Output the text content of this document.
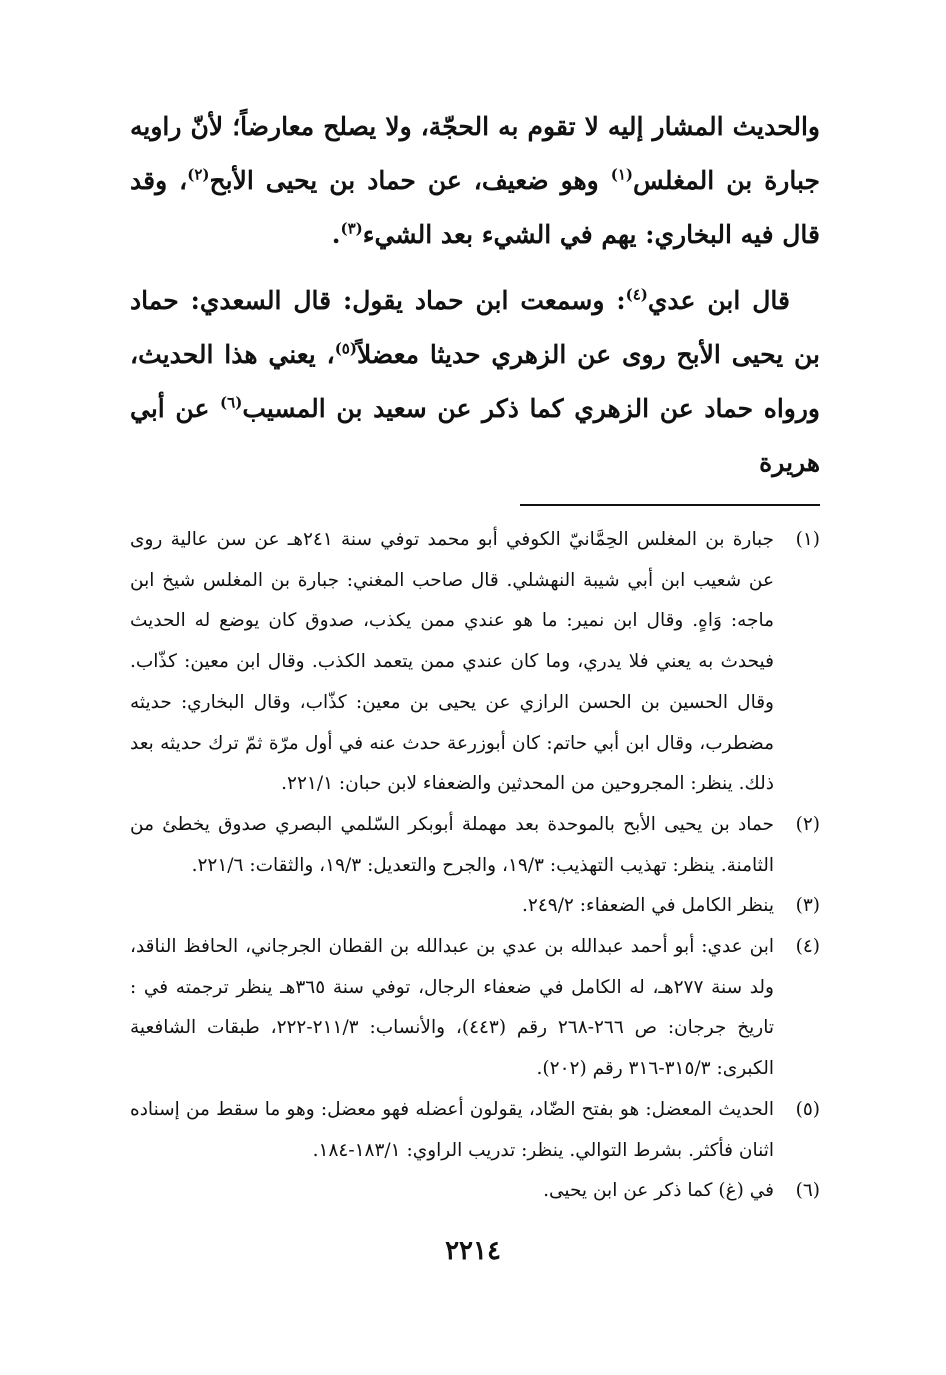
والحديث المشار إليه لا تقوم به الحجّة، ولا يصلح معارضاً؛ لأنّ راويه جبارة بن المغلس$^{(١)}$ وهو ضعيف، عن حماد بن يحيى الأبح$^{(٢)}$، وقد قال فيه البخاري: يهم في الشيء بعد الشيء$^{(٣)}$.

قال ابن عدي$^{(٤)}$: وسمعت ابن حماد يقول: قال السعدي: حماد بن يحيى الأبح روى عن الزهري حديثا معضلاً$^{(٥)}$، يعني هذا الحديث، ورواه حماد عن الزهري كما ذكر عن سعيد بن المسيب$^{(٦)}$ عن أبي هريرة

(١)
جبارة بن المغلس الحِمَّانيّ الكوفي أبو محمد توفي سنة ٢٤١هـ عن سن عالية روى عن شعيب ابن أبي شيبة النهشلي. قال صاحب المغني: جبارة بن المغلس شيخ ابن ماجه: وَاهٍ. وقال ابن نمير: ما هو عندي ممن يكذب، صدوق كان يوضع له الحديث فيحدث به يعني فلا يدري، وما كان عندي ممن يتعمد الكذب. وقال ابن معين: كذّاب. وقال الحسين بن الحسن الرازي عن يحيى بن معين: كذّاب، وقال البخاري: حديثه مضطرب، وقال ابن أبي حاتم: كان أبوزرعة حدث عنه في أول مرّة ثمّ ترك حديثه بعد ذلك. ينظر: المجروحين من المحدثين والضعفاء لابن حبان: ٢٢١/١.

(٢)
حماد بن يحيى الأبح بالموحدة بعد مهملة أبوبكر السّلمي البصري صدوق يخطئ من الثامنة. ينظر: تهذيب التهذيب: ١٩/٣، والجرح والتعديل: ١٩/٣، والثقات: ٢٢١/٦.

(٣)
ينظر الكامل في الضعفاء: ٢٤٩/٢.

(٤)
ابن عدي: أبو أحمد عبدالله بن عدي بن عبدالله بن القطان الجرجاني، الحافظ الناقد، ولد سنة ٢٧٧هـ، له الكامل في ضعفاء الرجال، توفي سنة ٣٦٥هـ ينظر ترجمته في : تاريخ جرجان: ص ٢٦٦-٢٦٨ رقم (٤٤٣)، والأنساب: ٢١١/٣-٢٢٢، طبقات الشافعية الكبرى: ٣١٥/٣-٣١٦ رقم (٢٠٢).

(٥)
الحديث المعضل: هو بفتح الضّاد، يقولون أعضله فهو معضل: وهو ما سقط من إسناده اثنان فأكثر. بشرط التوالي. ينظر: تدريب الراوي: ١٨٣/١-١٨٤.

(٦)
في (غ) كما ذكر عن ابن يحيى.

٢٢١٤
